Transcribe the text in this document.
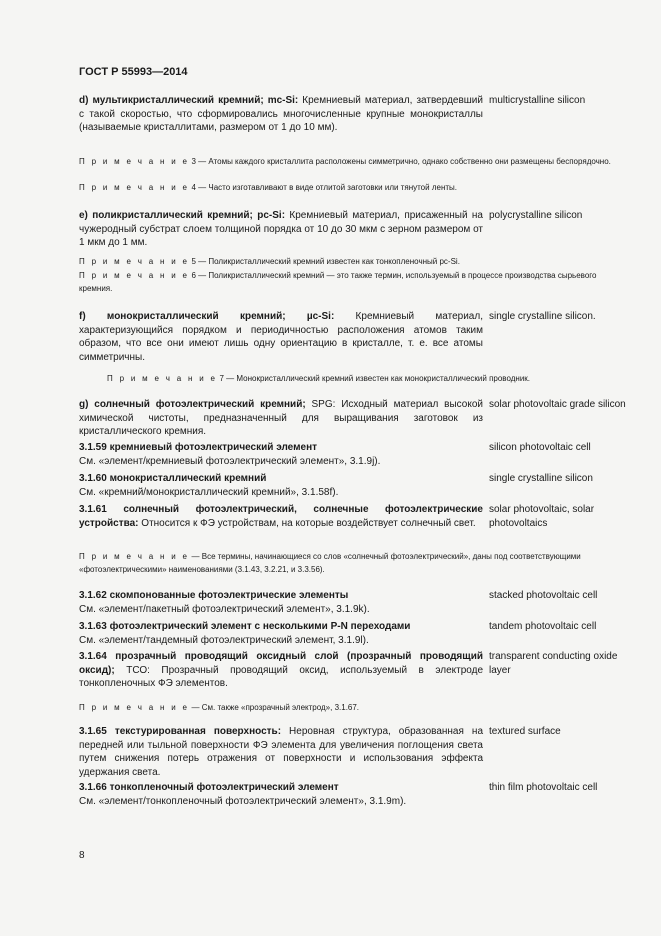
ГОСТ Р 55993—2014
d) мультикристаллический кремний; mc-Si: Кремниевый материал, затвердевший с такой скоростью, что сформировались многочисленные крупные монокристаллы (называемые кристаллитами, размером от 1 до 10 мм).
multicrystalline silicon
П р и м е ч а н и е 3 — Атомы каждого кристаллита расположены симметрично, однако собственно они размещены беспорядочно.
П р и м е ч а н и е 4 — Часто изготавливают в виде отлитой заготовки или тянутой ленты.
e) поликристаллический кремний; pc-Si: Кремниевый материал, присаженный на чужеродный субстрат слоем толщиной порядка от 10 до 30 мкм с зерном размером от 1 мкм до 1 мм.
polycrystalline silicon
П р и м е ч а н и е 5 — Поликристаллический кремний известен как тонкопленочный pc-Si.
П р и м е ч а н и е 6 — Поликристаллический кремний — это также термин, используемый в процессе производства сырьевого кремния.
f) монокристаллический кремний; µc-Si: Кремниевый материал, характеризующийся порядком и периодичностью расположения атомов таким образом, что все они имеют лишь одну ориентацию в кристалле, т. е. все атомы симметричны.
single crystalline silicon.
П р и м е ч а н и е 7 — Монокристаллический кремний известен как монокристаллический проводник.
g) солнечный фотоэлектрический кремний; SPG: Исходный материал высокой химической чистоты, предназначенный для выращивания заготовок из кристаллического кремния.
solar photovoltaic grade silicon
3.1.59 кремниевый фотоэлектрический элемент
См. «элемент/кремниевый фотоэлектрический элемент», 3.1.9j).
silicon photovoltaic cell
3.1.60 монокристаллический кремний
См. «кремний/монокристаллический кремний», 3.1.58f).
single crystalline silicon
3.1.61 солнечный фотоэлектрический, солнечные фотоэлектрические устройства: Относится к ФЭ устройствам, на которые воздействует солнечный свет.
solar photovoltaic, solar photovoltaics
П р и м е ч а н и е — Все термины, начинающиеся со слов «солнечный фотоэлектрический», даны под соответствующими «фотоэлектрическими» наименованиями (3.1.43, 3.2.21, и 3.3.56).
3.1.62 скомпонованные фотоэлектрические элементы
См. «элемент/пакетный фотоэлектрический элемент», 3.1.9k).
stacked photovoltaic cell
3.1.63 фотоэлектрический элемент с несколькими P-N переходами
См. «элемент/тандемный фотоэлектрический элемент, 3.1.9l).
tandem photovoltaic cell
3.1.64 прозрачный проводящий оксидный слой (прозрачный проводящий оксид); ТСО: Прозрачный проводящий оксид, используемый в электроде тонкопленочных ФЭ элементов.
transparent conducting oxide layer
П р и м е ч а н и е — См. также «прозрачный электрод», 3.1.67.
3.1.65 текстурированная поверхность: Неровная структура, образованная на передней или тыльной поверхности ФЭ элемента для увеличения поглощения света путем снижения потерь отражения от поверхности и использования эффекта удержания света.
textured surface
3.1.66 тонкопленочный фотоэлектрический элемент
См. «элемент/тонкопленочный фотоэлектрический элемент», 3.1.9m).
thin film photovoltaic cell
8
